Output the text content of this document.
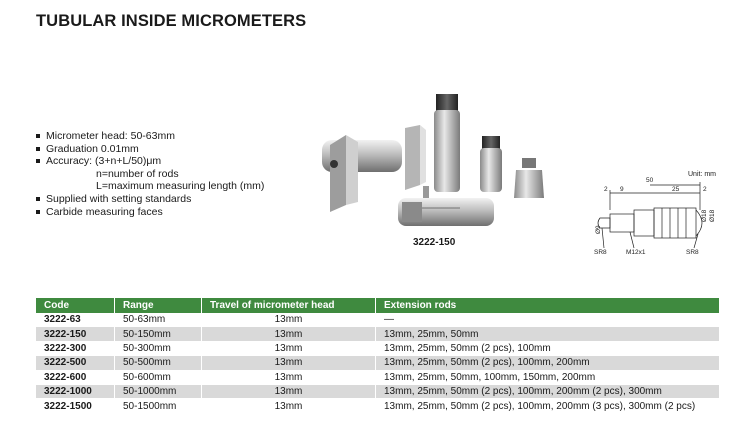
TUBULAR INSIDE MICROMETERS
Micrometer head: 50-63mm
Graduation 0.01mm
Accuracy: (3+n+L/50)μm
n=number of rods
L=maximum measuring length (mm)
Supplied with setting standards
Carbide measuring faces
3222-150
Unit: mm
2 9
50
25	2
Ø9
Ø18 Ø18
SR8	M12x1	SR8
Code	Range	Travel of micrometer head	Extension rods
3222-63	50-63mm	13mm	—
3222-150	50-150mm	13mm	13mm, 25mm, 50mm
3222-300	50-300mm	13mm	13mm, 25mm, 50mm (2 pcs), 100mm
3222-500	50-500mm	13mm	13mm, 25mm, 50mm (2 pcs), 100mm, 200mm
3222-600	50-600mm	13mm	13mm, 25mm, 50mm, 100mm, 150mm, 200mm
3222-1000	50-1000mm	13mm	13mm, 25mm, 50mm (2 pcs), 100mm, 200mm (2 pcs), 300mm
3222-1500	50-1500mm	13mm	13mm, 25mm, 50mm (2 pcs), 100mm, 200mm (3 pcs), 300mm (2 pcs)
